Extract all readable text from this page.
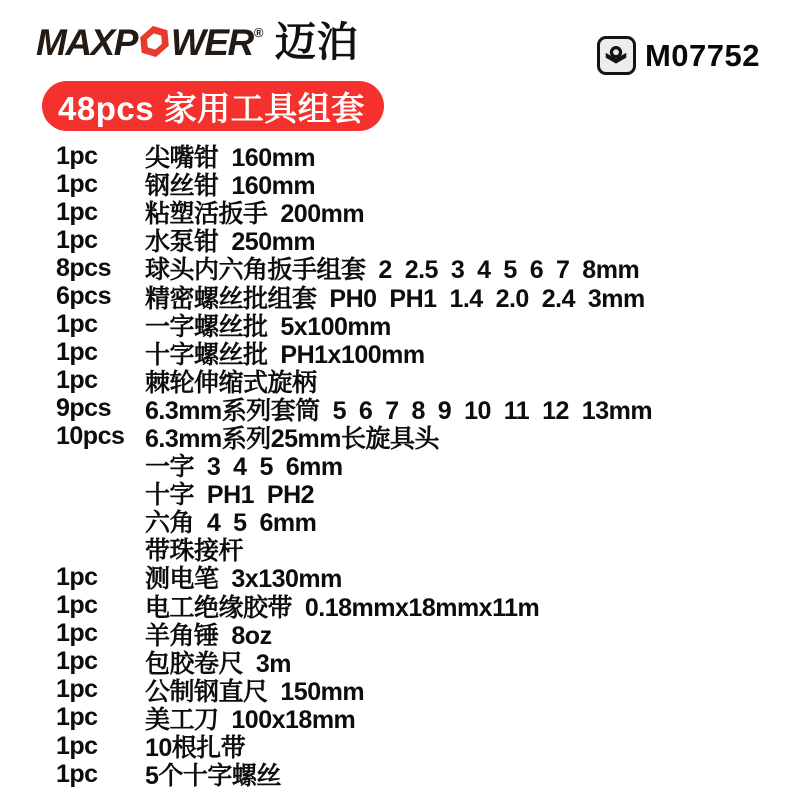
MAXP WER® 迈泊	M07752
48pcs 家用工具组套
1pc	尖嘴钳  160mm
1pc	钢丝钳  160mm
1pc	粘塑活扳手  200mm
1pc	水泵钳  250mm
8pcs	球头内六角扳手组套  2  2.5  3  4  5  6  7  8mm
6pcs	精密螺丝批组套  PH0  PH1  1.4  2.0  2.4  3mm
1pc	一字螺丝批  5x100mm
1pc	十字螺丝批  PH1x100mm
1pc	棘轮伸缩式旋柄
9pcs	6.3mm系列套筒  5  6  7  8  9  10  11  12  13mm
10pcs 6.3mm系列25mm长旋具头
一字  3  4  5  6mm
十字  PH1  PH2
六角  4  5  6mm
带珠接杆
1pc	测电笔  3x130mm
1pc	电工绝缘胶带  0.18mmx18mmx11m
1pc	羊角锤  8oz
1pc	包胶卷尺  3m
1pc	公制钢直尺  150mm
1pc	美工刀  100x18mm
1pc	10根扎带
1pc	5个十字螺丝
